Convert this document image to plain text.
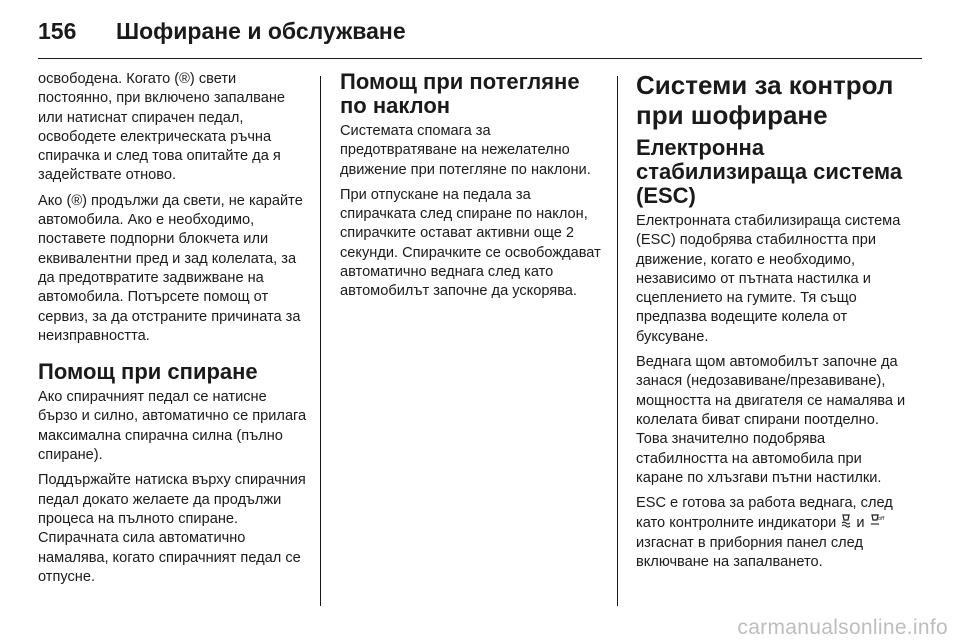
156	Шофиране и обслужване

освободена. Когато (®) свети постоянно, при включено запалване или натиснат спирачен педал, освободете електрическата ръчна спирачка и след това опитайте да я задействате отново.

Ако (®) продължи да свети, не карайте автомобила. Ако е необходимо, поставете подпорни блокчета или еквивалентни пред и зад колелата, за да предотвратите задвижване на автомобила. Потърсете помощ от сервиз, за да отстраните причината за неизправността.

Помощ при спиране

Ако спирачният педал се натисне бързо и силно, автоматично се прилага максимална спирачна силна (пълно спиране).

Поддържайте натиска върху спирачния педал докато желаете да продължи процеса на пълното спиране. Спирачната сила автоматично намалява, когато спирачният педал се отпусне.

Помощ при потегляне по наклон

Системата спомага за предотвратяване на нежелателно движение при потегляне по наклони.

При отпускане на педала за спирачката след спиране по наклон, спирачките остават активни още 2 секунди. Спирачките се освобождават автоматично веднага след като автомобилът започне да ускорява.

Системи за контрол при шофиране
Електронна стабилизираща система (ESC)

Електронната стабилизираща система (ESC) подобрява стабилността при движение, когато е необходимо, независимо от пътната настилка и сцеплението на гумите. Тя също предпазва водещите колела от буксуване.

Веднага щом автомобилът започне да занася (недозавиване/презавиване), мощността на двигателя се намалява и колелата биват спирани поотделно. Това значително подобрява стабилността на автомобила при каране по хлъзгави пътни настилки.

ESC е готова за работа веднага, след като контролните индикатори и	off
изгаснат в приборния панел след включване на запалването.

carmanualsonline.info
